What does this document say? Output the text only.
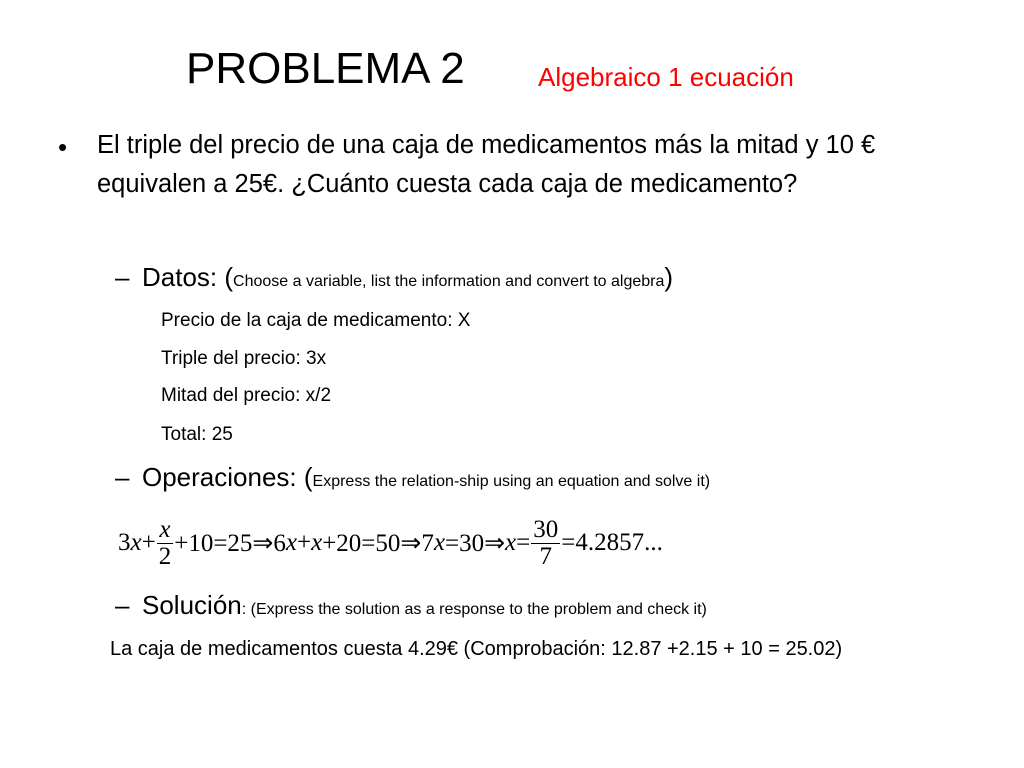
PROBLEMA 2	Algebraico 1 ecuación
• El triple del precio de una caja de medicamentos más la mitad y 10 € equivalen a 25€. ¿Cuánto cuesta cada caja de medicamento?
– Datos: (Choose a variable, list the information and convert to algebra)
Precio de la caja de medicamento: X
Triple del precio: 3x
Mitad del precio: x/2
Total: 25
– Operaciones: (Express the relation-ship using an equation and solve it)
3 $x + \frac{x}{2}$ +10=25⇒6 x + x +20=50⇒7 x =30⇒ $x = \frac{30}{7} =4.2857$...
– Solución: (Express the solution as a response to the problem and check it)
La caja de medicamentos cuesta 4.29€ (Comprobación: 12.87 +2.15 + 10 = 25.02)
